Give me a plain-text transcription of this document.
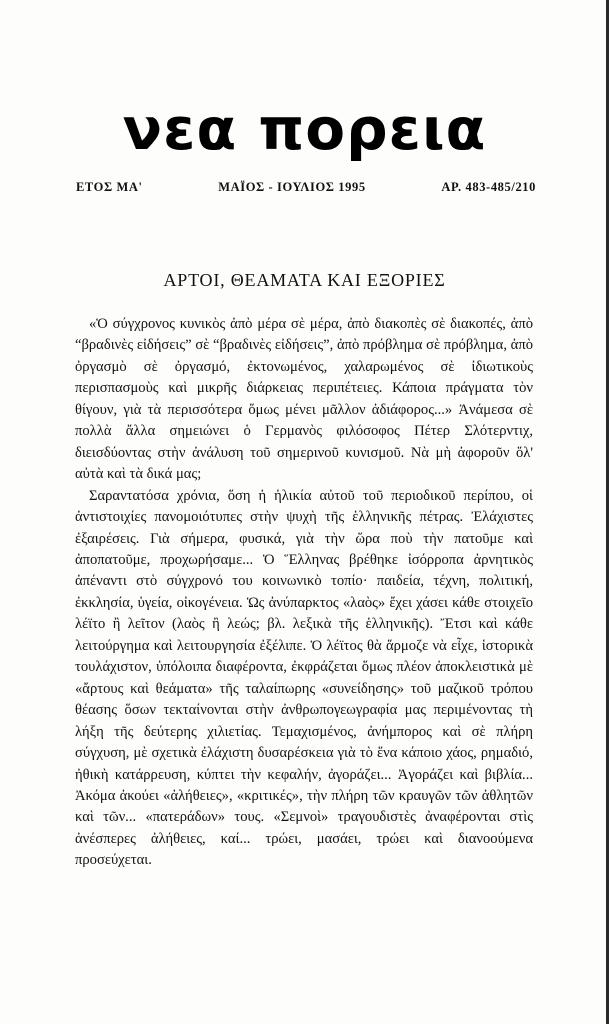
νεα πορεια
ΕΤΟΣ ΜΑ'	ΜΑΪΟΣ - ΙΟΥΛΙΟΣ 1995	ΑΡ. 483-485/210
ΑΡΤΟΙ, ΘΕΑΜΑΤΑ ΚΑΙ ΕΞΟΡΙΕΣ

«Ὁ σύγχρονος κυνικὸς ἀπὸ μέρα σὲ μέρα, ἀπὸ διακοπὲς σὲ διακοπές, ἀπὸ “βραδινὲς εἰδήσεις” σὲ “βραδινὲς εἰδήσεις”, ἀπὸ πρόβλημα σὲ πρόβλημα, ἀπὸ ὀργασμὸ σὲ ὀργασμό, ἐκτονωμένος, χαλαρωμένος σὲ ἰδιωτικοὺς περισπασμοὺς καὶ μικρῆς διάρκειας περιπέτειες. Κάποια πράγματα τὸν θίγουν, γιὰ τὰ περισσότερα ὅμως μένει μᾶλλον ἀδιάφορος...» Ἀνάμεσα σὲ πολλὰ ἄλλα σημειώνει ὁ Γερμανὸς φιλόσοφος Πέτερ Σλότερντιχ, διεισδύοντας στὴν ἀνάλυση τοῦ σημερινοῦ κυνισμοῦ. Νὰ μὴ ἀφοροῦν ὅλ' αὐτὰ καὶ τὰ δικά μας;

Σαραντατόσα χρόνια, ὅση ἡ ἡλικία αὐτοῦ τοῦ περιοδικοῦ περίπου, οἱ ἀντιστοιχίες πανομοιότυπες στὴν ψυχὴ τῆς ἑλληνικῆς πέτρας. Ἐλάχιστες ἐξαιρέσεις. Γιὰ σήμερα, φυσικά, γιὰ τὴν ὥρα ποὺ τὴν πατοῦμε καὶ ἀποπατοῦμε, προχωρήσαμε... Ὁ Ἕλληνας βρέθηκε ἰσόρροπα ἀρνητικὸς ἀπέναντι στὸ σύγχρονό του κοινωνικὸ τοπίο· παιδεία, τέχνη, πολιτική, ἐκκλησία, ὑγεία, οἰκογένεια. Ὡς ἀνύπαρκτος «λαὸς» ἔχει χάσει κάθε στοιχεῖο λέϊτο ἢ λεῖτον (λαὸς ἢ λεώς; βλ. λεξικὰ τῆς ἑλληνικῆς). Ἔτσι καὶ κάθε λειτούργημα καὶ λειτουργησία ἐξέλιπε. Ὁ λέϊτος θὰ ἅρμοζε νὰ εἶχε, ἱστορικὰ τουλάχιστον, ὑπόλοιπα διαφέροντα, ἐκφράζεται ὅμως πλέον ἀποκλειστικὰ μὲ «ἄρτους καὶ θεάματα» τῆς ταλαίπωρης «συνείδησης» τοῦ μαζικοῦ τρόπου θέασης ὅσων τεκταίνονται στὴν ἀνθρωπογεωγραφία μας περιμένοντας τὴ λήξη τῆς δεύτερης χιλιετίας. Τεμαχισμένος, ἀνήμπορος καὶ σὲ πλήρη σύγχυση, μὲ σχετικὰ ἐλάχιστη δυσαρέσκεια γιὰ τὸ ἕνα κάποιο χάος, ρημαδιό, ἠθικὴ κατάρρευση, κύπτει τὴν κεφαλήν, ἀγοράζει... Ἀγοράζει καὶ βιβλία... Ἀκόμα ἀκούει «ἀλήθειες», «κριτικές», τὴν πλήρη τῶν κραυγῶν τῶν ἀθλητῶν καὶ τῶν... «πατεράδων» τους. «Σεμνοὶ» τραγουδιστὲς ἀναφέρονται στὶς ἀνέσπερες ἀλήθειες, καί... τρώει, μασάει, τρώει καὶ διανοούμενα προσεύχεται.
